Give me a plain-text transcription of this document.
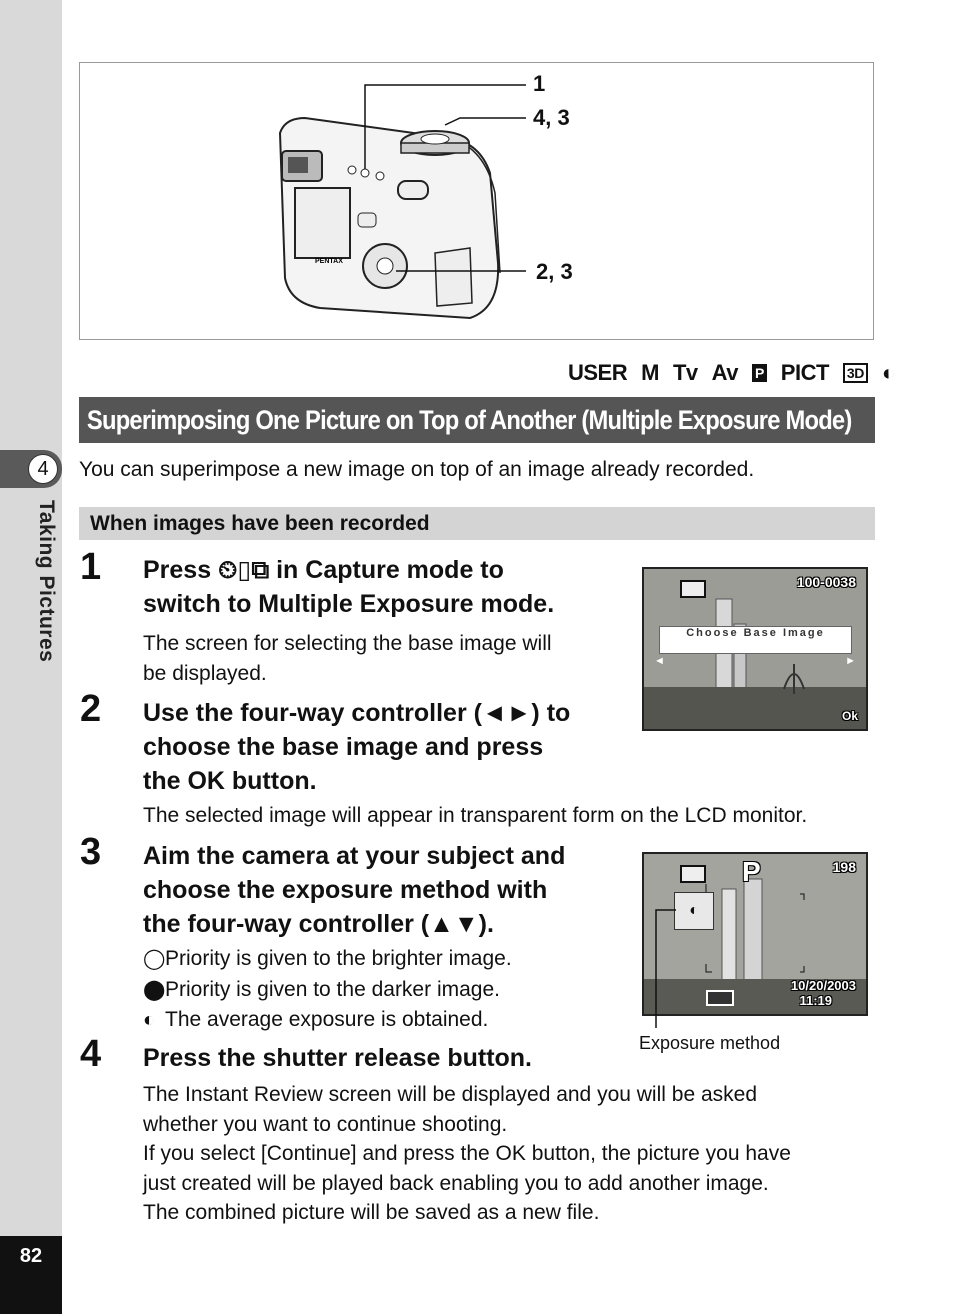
4
Taking Pictures
82
PENTAX
1
4, 3
2, 3
USER M Tv Av P PICT 3D ◐
Superimposing One Picture on Top of Another (Multiple Exposure Mode)
You can superimpose a new image on top of an image already recorded.
When images have been recorded
1 Press ⏲▯⧉ in Capture mode to
switch to Multiple Exposure mode.
The screen for selecting the base image will
be displayed.
100-0038
Choose Base Image
◄	►
Ok
2 Use the four-way controller (◄►) to
choose the base image and press
the OK button.
The selected image will appear in transparent form on the LCD monitor.
3 Aim the camera at your subject and
choose the exposure method with
the four-way controller (▲▼).
◯Priority is given to the brighter image.
⬤Priority is given to the darker image.
◐ The average exposure is obtained.
P	198
◐
10/20/2003
11:19
Exposure method
4 Press the shutter release button.
The Instant Review screen will be displayed and you will be asked
whether you want to continue shooting.
If you select [Continue] and press the OK button, the picture you have
just created will be played back enabling you to add another image.
The combined picture will be saved as a new file.
